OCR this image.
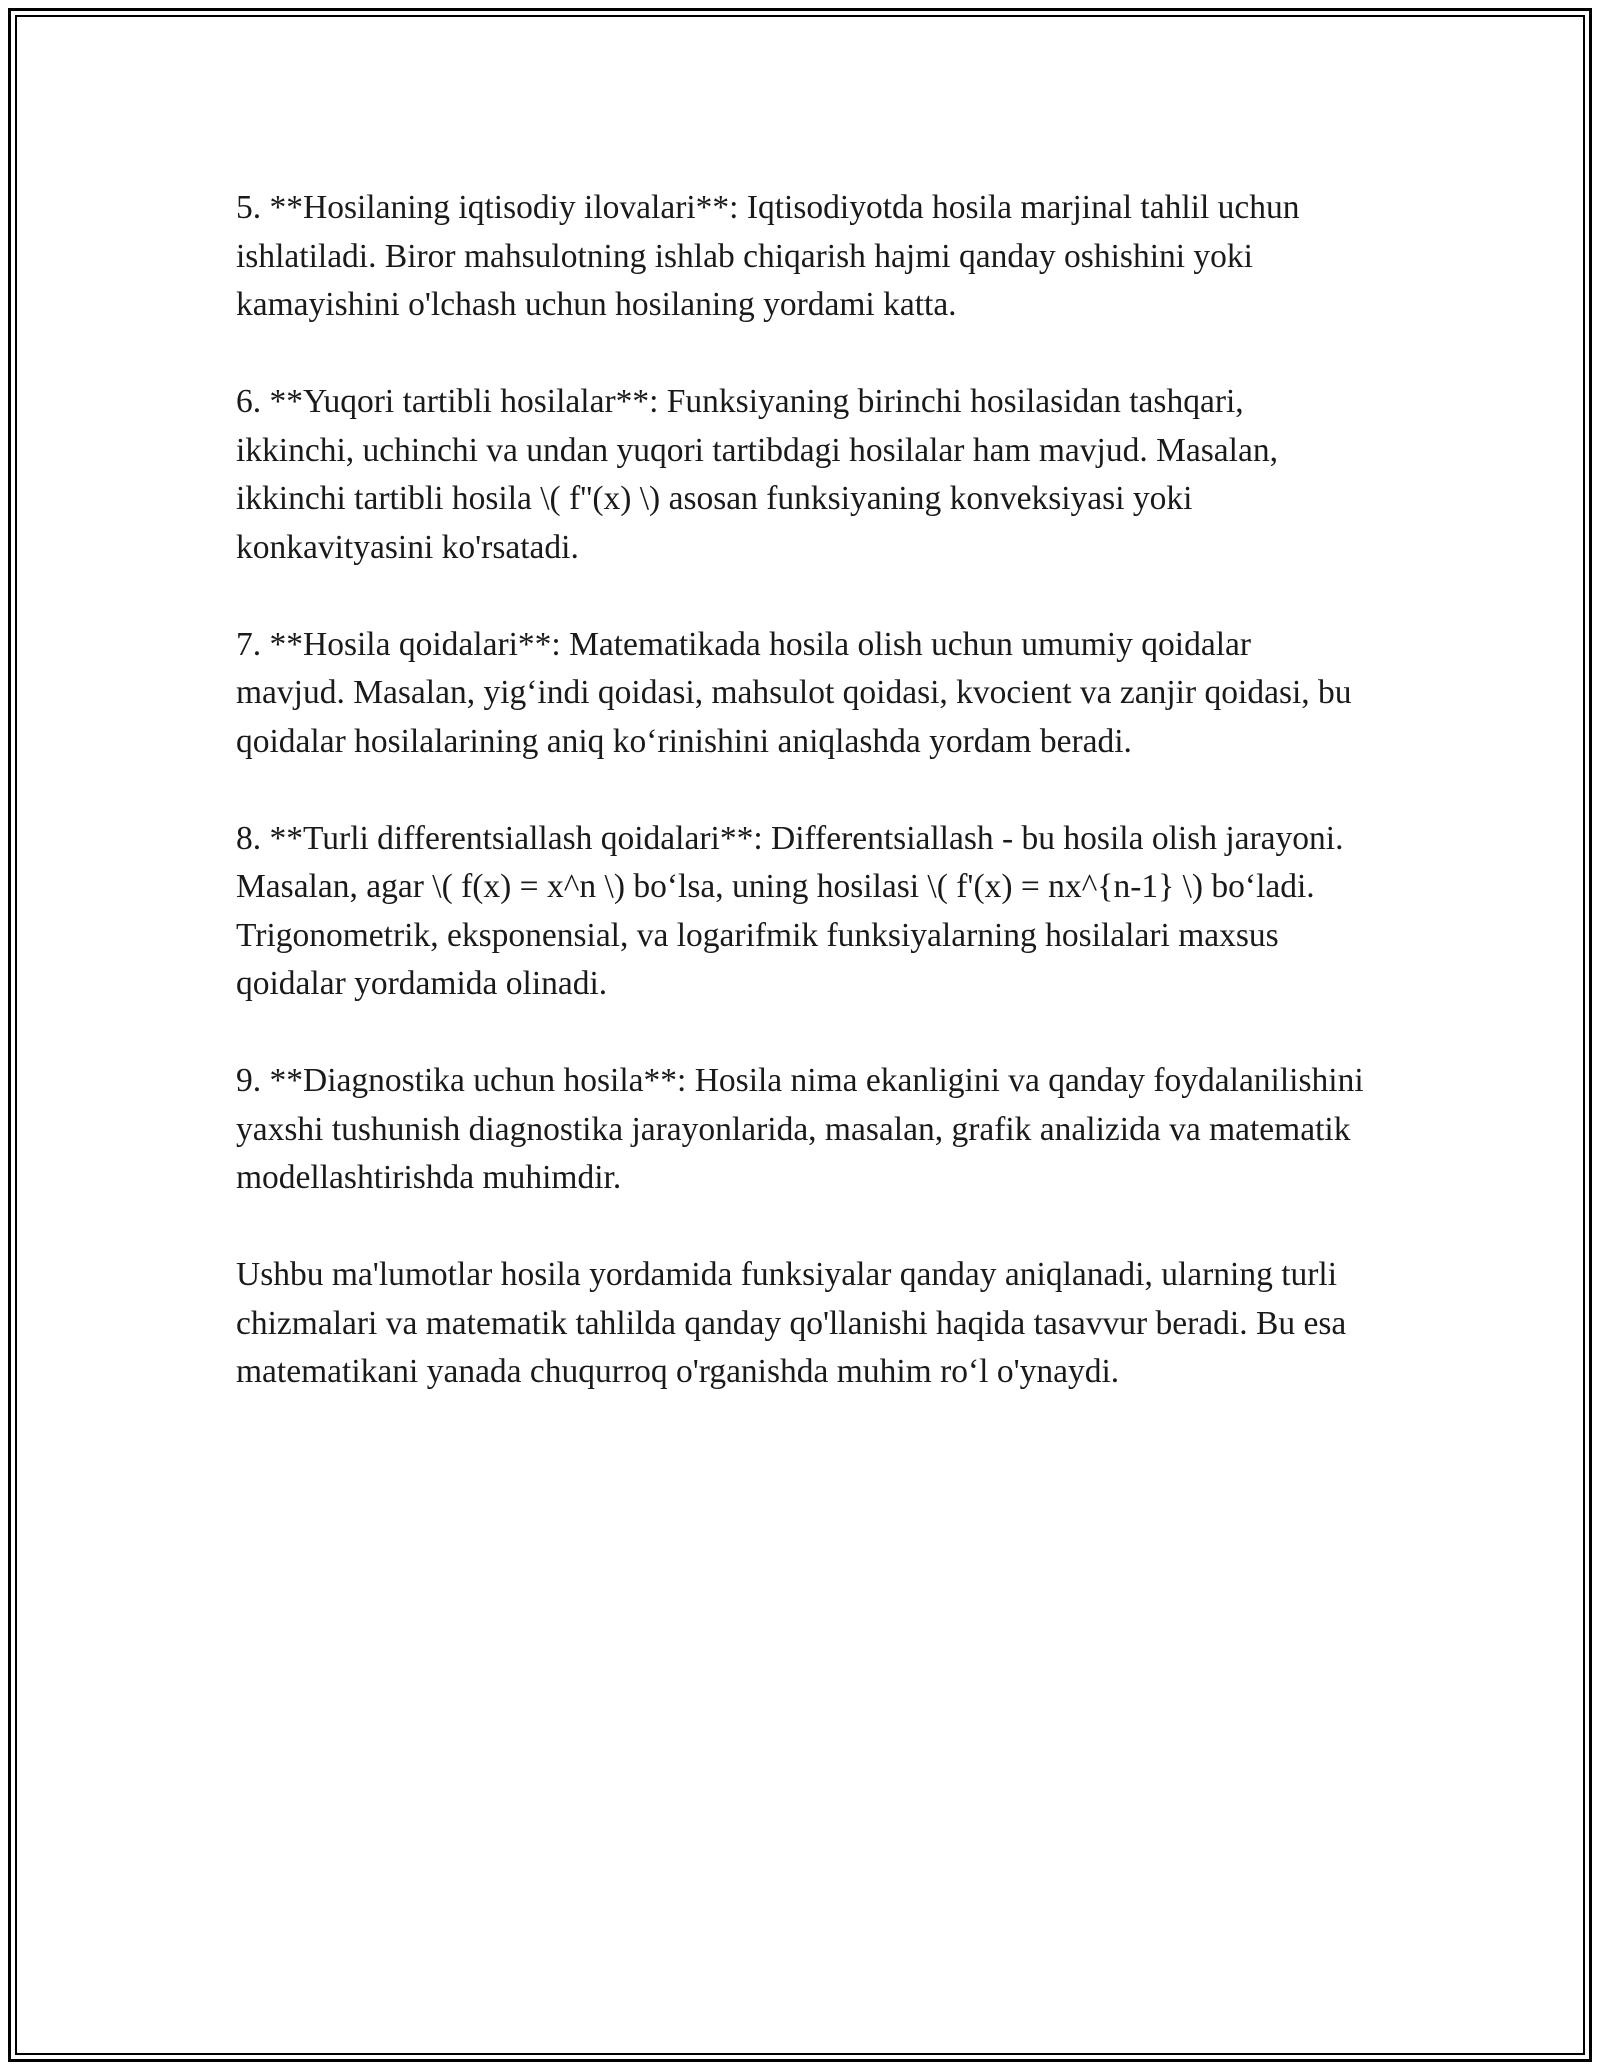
5. **Hosilaning iqtisodiy ilovalari**: Iqtisodiyotda hosila marjinal tahlil uchun ishlatiladi. Biror mahsulotning ishlab chiqarish hajmi qanday oshishini yoki kamayishini o'lchash uchun hosilaning yordami katta.

6. **Yuqori tartibli hosilalar**: Funksiyaning birinchi hosilasidan tashqari, ikkinchi, uchinchi va undan yuqori tartibdagi hosilalar ham mavjud. Masalan, ikkinchi tartibli hosila \( f''(x) \) asosan funksiyaning konveksiyasi yoki konkavityasini ko'rsatadi.

7. **Hosila qoidalari**: Matematikada hosila olish uchun umumiy qoidalar mavjud. Masalan, yig‘indi qoidasi, mahsulot qoidasi, kvocient va zanjir qoidasi, bu qoidalar hosilalarining aniq ko‘rinishini aniqlashda yordam beradi.

8. **Turli differentsiallash qoidalari**: Differentsiallash - bu hosila olish jarayoni. Masalan, agar \( f(x) = x^n \) bo‘lsa, uning hosilasi \( f'(x) = nx^{n-1} \) bo‘ladi. Trigonometrik, eksponensial, va logarifmik funksiyalarning hosilalari maxsus qoidalar yordamida olinadi.

9. **Diagnostika uchun hosila**: Hosila nima ekanligini va qanday foydalanilishini yaxshi tushunish diagnostika jarayonlarida, masalan, grafik analizida va matematik modellashtirishda muhimdir.

Ushbu ma'lumotlar hosila yordamida funksiyalar qanday aniqlanadi, ularning turli chizmalari va matematik tahlilda qanday qo'llanishi haqida tasavvur beradi. Bu esa matematikani yanada chuqurroq o'rganishda muhim ro‘l o'ynaydi.
